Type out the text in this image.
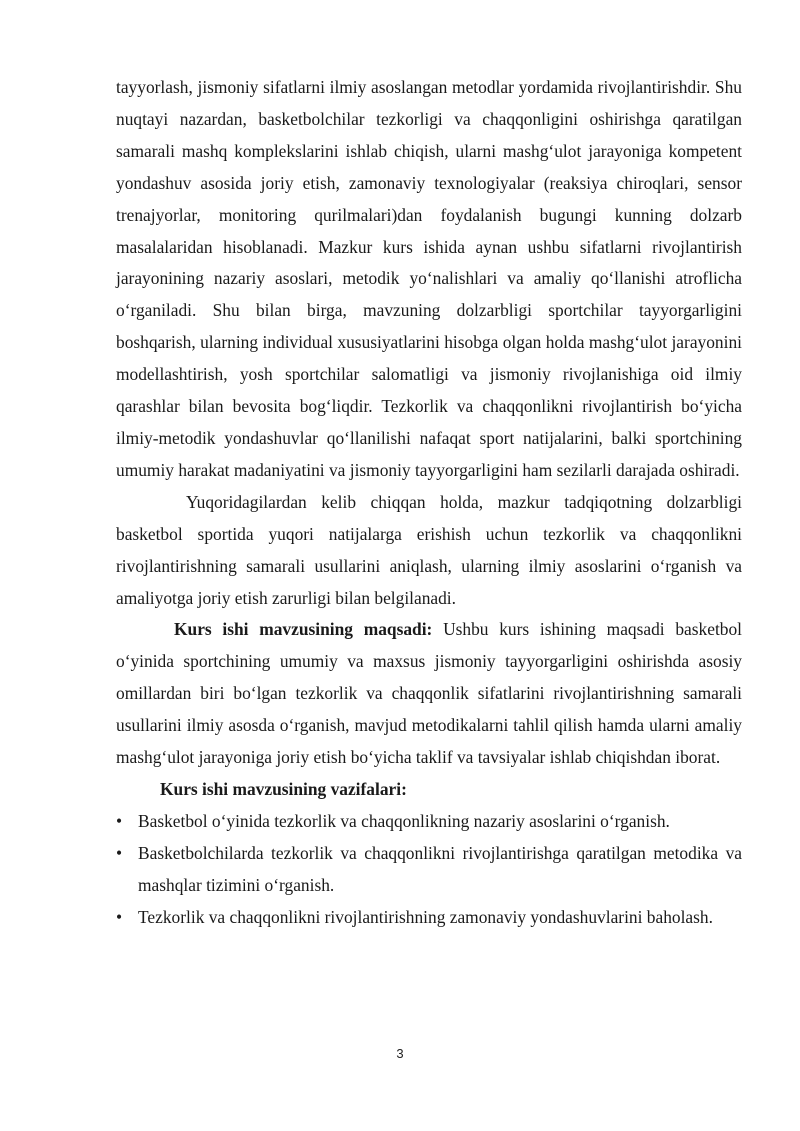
tayyorlash, jismoniy sifatlarni ilmiy asoslangan metodlar yordamida rivojlantirishdir. Shu nuqtayi nazardan, basketbolchilar tezkorligi va chaqqonligini oshirishga qaratilgan samarali mashq komplekslarini ishlab chiqish, ularni mashg‘ulot jarayoniga kompetent yondashuv asosida joriy etish, zamonaviy texnologiyalar (reaksiya chiroqlari, sensor trenajyorlar, monitoring qurilmalari)dan foydalanish bugungi kunning dolzarb masalalaridan hisoblanadi. Mazkur kurs ishida aynan ushbu sifatlarni rivojlantirish jarayonining nazariy asoslari, metodik yo‘nalishlari va amaliy qo‘llanishi atroflicha o‘rganiladi. Shu bilan birga, mavzuning dolzarbligi sportchilar tayyorgarligini boshqarish, ularning individual xususiyatlarini hisobga olgan holda mashg‘ulot jarayonini modellashtirish, yosh sportchilar salomatligi va jismoniy rivojlanishiga oid ilmiy qarashlar bilan bevosita bog‘liqdir. Tezkorlik va chaqqonlikni rivojlantirish bo‘yicha ilmiy-metodik yondashuvlar qo‘llanilishi nafaqat sport natijalarini, balki sportchining umumiy harakat madaniyatini va jismoniy tayyorgarligini ham sezilarli darajada oshiradi.

Yuqoridagilardan kelib chiqqan holda, mazkur tadqiqotning dolzarbligi basketbol sportida yuqori natijalarga erishish uchun tezkorlik va chaqqonlikni rivojlantirishning samarali usullarini aniqlash, ularning ilmiy asoslarini o‘rganish va amaliyotga joriy etish zarurligi bilan belgilanadi.

Kurs ishi mavzusining maqsadi: Ushbu kurs ishining maqsadi basketbol o‘yinida sportchining umumiy va maxsus jismoniy tayyorgarligini oshirishda asosiy omillardan biri bo‘lgan tezkorlik va chaqqonlik sifatlarini rivojlantirishning samarali usullarini ilmiy asosda o‘rganish, mavjud metodikalarni tahlil qilish hamda ularni amaliy mashg‘ulot jarayoniga joriy etish bo‘yicha taklif va tavsiyalar ishlab chiqishdan iborat.

Kurs ishi mavzusining vazifalari:

• Basketbol o‘yinida tezkorlik va chaqqonlikning nazariy asoslarini o‘rganish.
• Basketbolchilarda tezkorlik va chaqqonlikni rivojlantirishga qaratilgan metodika va mashqlar tizimini o‘rganish.
• Tezkorlik va chaqqonlikni rivojlantirishning zamonaviy yondashuvlarini baholash.
3
